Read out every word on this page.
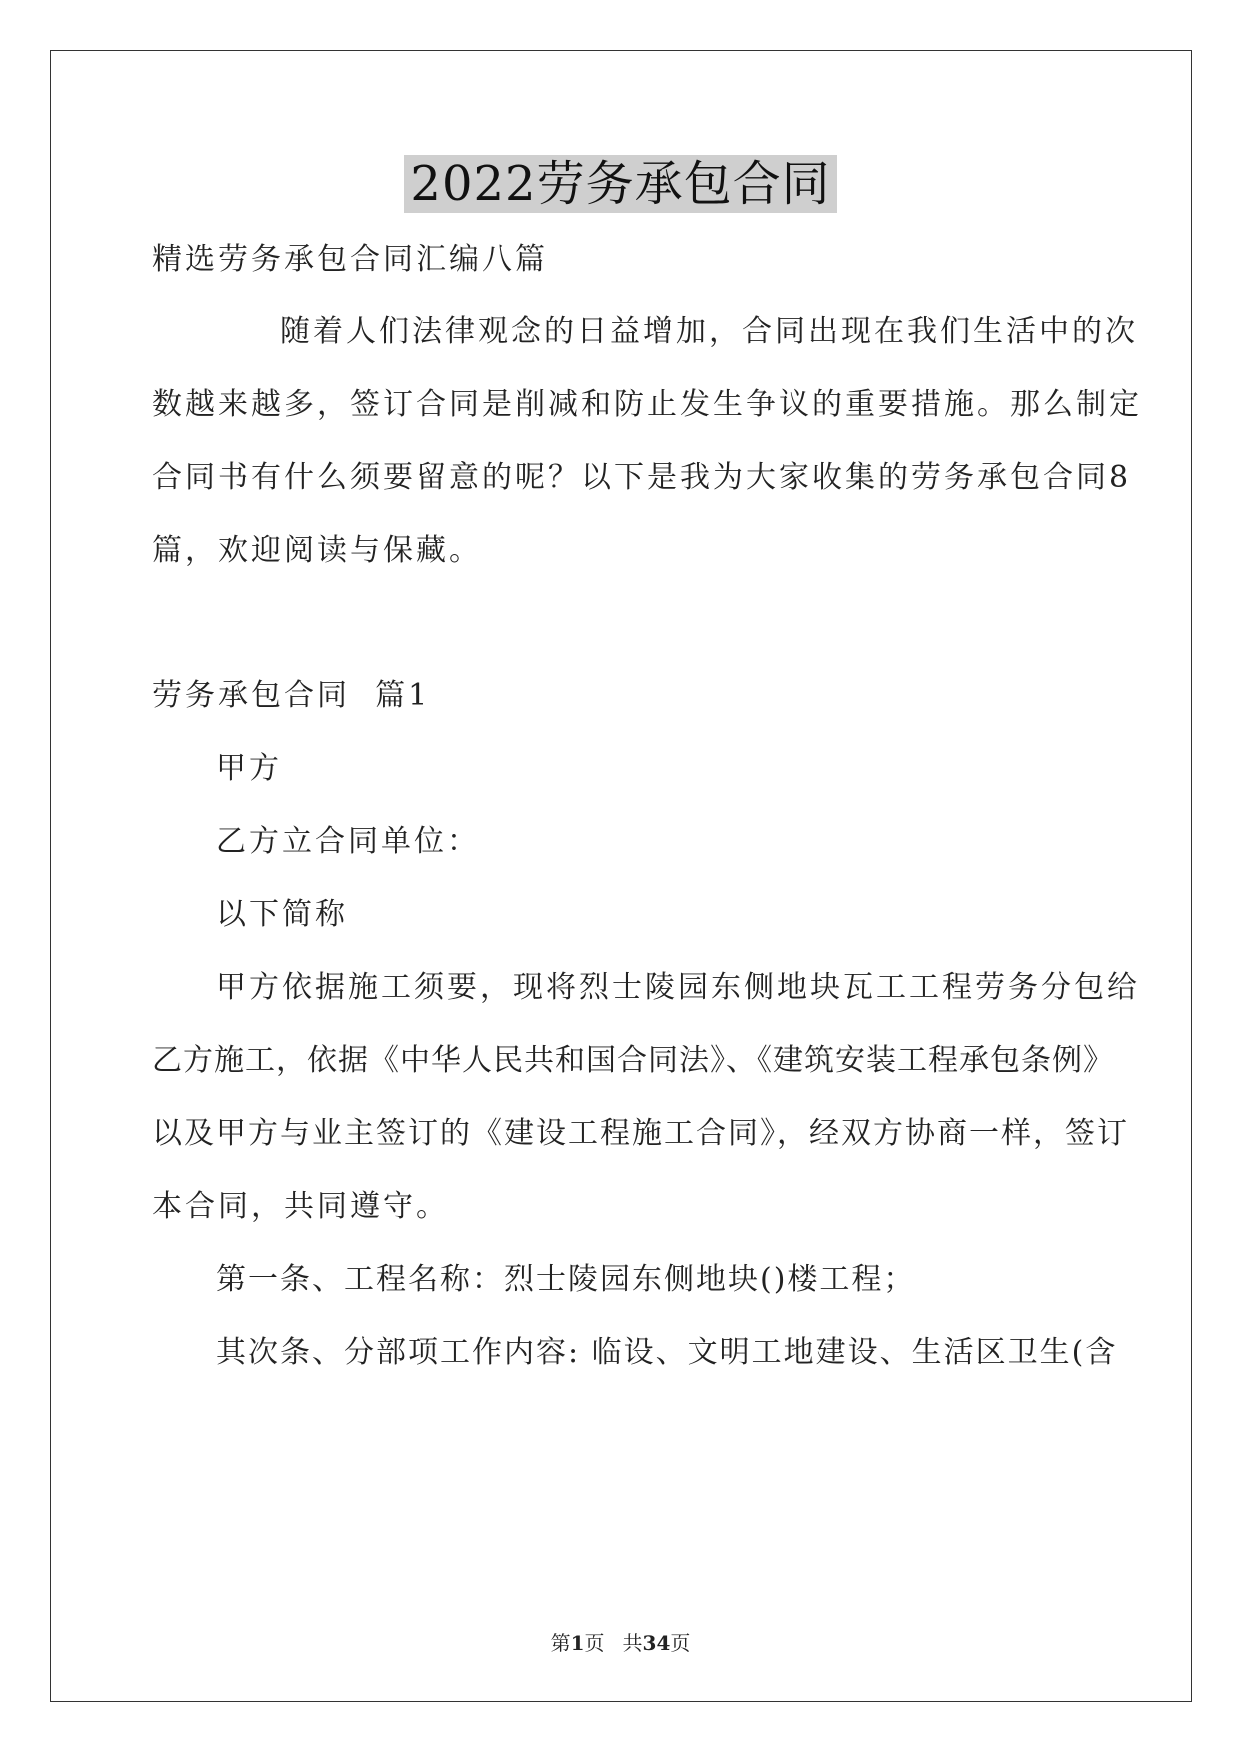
2022劳务承包合同
精选劳务承包合同汇编八篇
随着人们法律观念的日益增加，合同出现在我们生活中的次
数越来越多，签订合同是削减和防止发生争议的重要措施。那么制定
合同书有什么须要留意的呢？以下是我为大家收集的劳务承包合同8
篇，欢迎阅读与保藏。
劳务承包合同  篇1
甲方
乙方立合同单位：
以下简称
甲方依据施工须要，现将烈士陵园东侧地块瓦工工程劳务分包给
乙方施工，依据《中华人民共和国合同法》、《建筑安装工程承包条例》
以及甲方与业主签订的《建设工程施工合同》，经双方协商一样，签订
本合同，共同遵守。
第一条、工程名称：烈士陵园东侧地块()楼工程；
其次条、分部项工作内容: 临设、文明工地建设、生活区卫生(含
第1页 共34页
